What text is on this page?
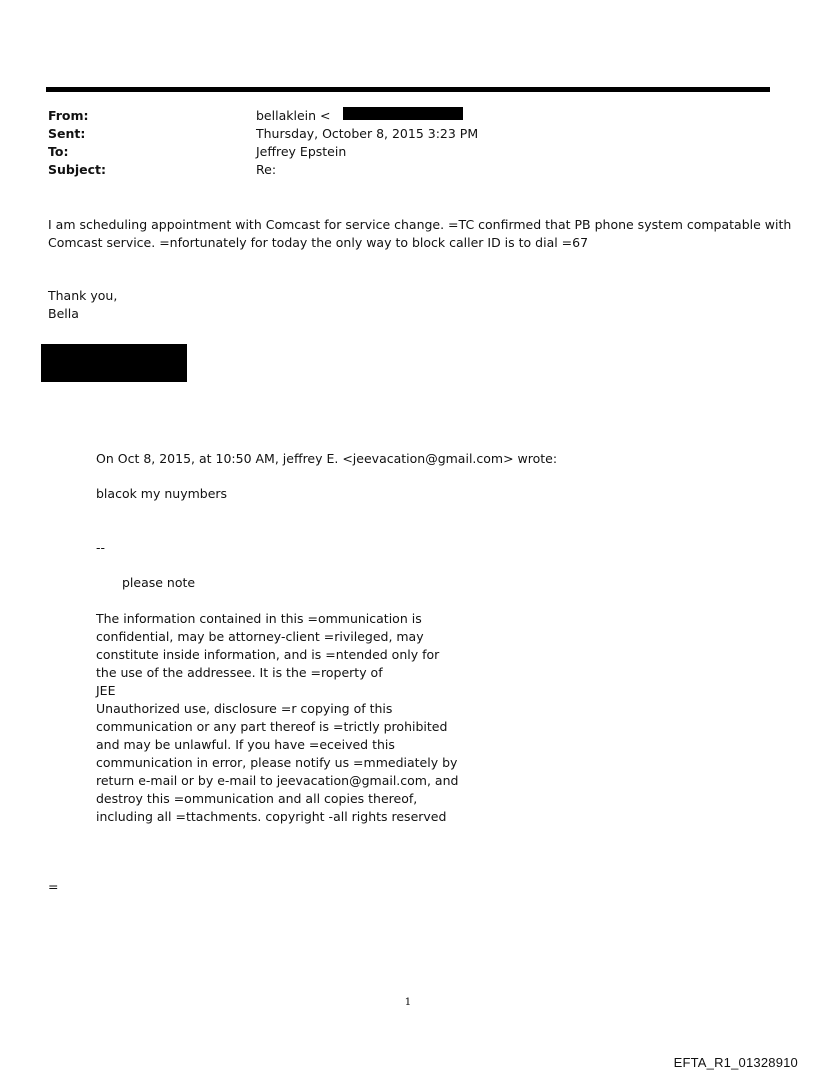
From:	bellaklein <
Sent:	Thursday, October 8, 2015 3:23 PM
To:	Jeffrey Epstein
Subject:	Re:
I am scheduling appointment with Comcast for service change. =TC confirmed that PB phone system compatable with
Comcast service. =nfortunately for today the only way to block caller ID is to dial =67
Thank you,
Bella
On Oct 8, 2015, at 10:50 AM, jeffrey E. <jeevacation@gmail.com> wrote:
blacok my nuymbers
--
please note
The information contained in this =ommunication is
confidential, may be attorney-client =rivileged, may
constitute inside information, and is =ntended only for
the use of the addressee. It is the =roperty of
JEE
Unauthorized use, disclosure =r copying of this
communication or any part thereof is =trictly prohibited
and may be unlawful. If you have =eceived this
communication in error, please notify us =mmediately by
return e-mail or by e-mail to jeevacation@gmail.com, and
destroy this =ommunication and all copies thereof,
including all =ttachments. copyright -all rights reserved
=
1
EFTA_R1_01328910
